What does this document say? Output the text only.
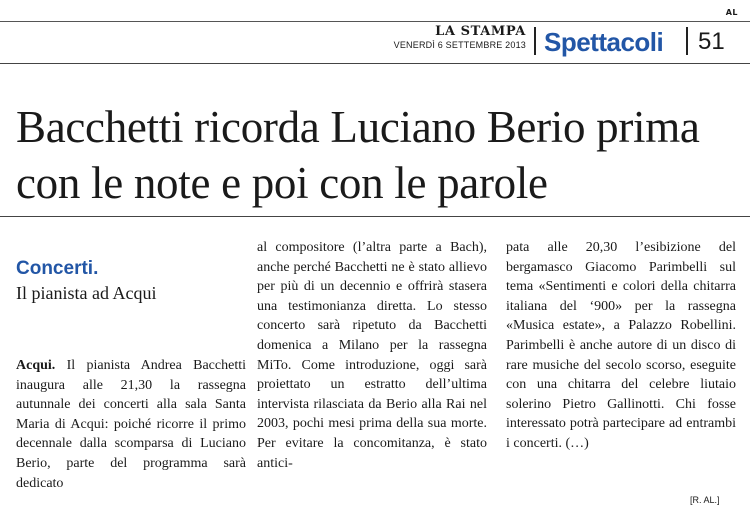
AL
LA STAMPA
VENERDÌ 6 SETTEMBRE 2013 Spettacoli 51
Bacchetti ricorda Luciano Berio prima con le note e poi con le parole
Concerti.
Il pianista ad Acqui
Acqui. Il pianista Andrea Bacchetti inaugura alle 21,30 la rassegna autunnale dei concerti alla sala Santa Maria di Acqui: poiché ricorre il primo decennale dalla scomparsa di Luciano Berio, parte del programma sarà dedicato
al compositore (l’altra parte a Bach), anche perché Bacchetti ne è stato allievo per più di un decennio e offrirà stasera una testimonianza diretta. Lo stesso concerto sarà ripetuto da Bacchetti domenica a Milano per la rassegna MiTo. Come introduzione, oggi sarà proiettato un estratto dell’ultima intervista rilasciata da Berio alla Rai nel 2003, pochi mesi prima della sua morte. Per evitare la concomitanza, è stato antici-
pata alle 20,30 l’esibizione del bergamasco Giacomo Parimbelli sul tema «Sentimenti e colori della chitarra italiana del ‘900» per la rassegna «Musica estate», a Palazzo Robellini. Parimbelli è anche autore di un disco di rare musiche del secolo scorso, eseguite con una chitarra del celebre liutaio solerino Pietro Gallinotti. Chi fosse interessato potrà partecipare ad entrambi i concerti. (…)
[R. AL.]
